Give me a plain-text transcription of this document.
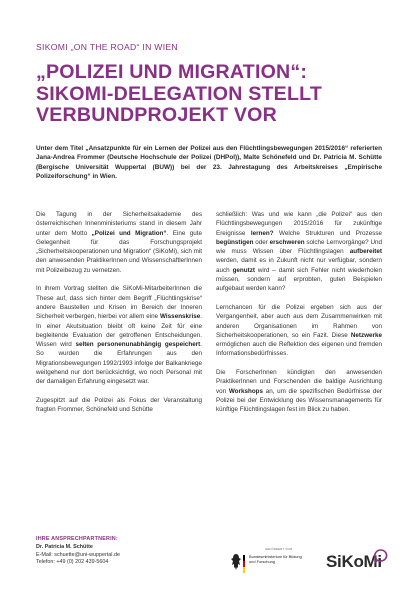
SIKOMI „ON THE ROAD“ IN WIEN
„POLIZEI UND MIGRATION“: SIKOMI-DELEGATION STELLT VERBUNDPROJEKT VOR
Unter dem Titel „Ansatzpunkte für ein Lernen der Polizei aus den Flüchtlingsbewegungen 2015/2016“ referierten Jana-Andrea Frommer (Deutsche Hochschule der Polizei (DHPol)), Malte Schönefeld und Dr. Patricia M. Schütte (Bergische Universität Wuppertal (BUW)) bei der 23. Jahrestagung des Arbeitskreises „Empirische Polizeiforschung“ in Wien.

Die Tagung in der Sicherheitsakademie des österreichischen Innenministeriums stand in diesem Jahr unter dem Motto „Polizei und Migration“. Eine gute Gelegenheit für das Forschungsprojekt „Sicherheitskooperationen und Migration“ (SiKoMi), sich mit den anwesenden PraktikerInnen und WissenschaftlerInnen mit Polizeibezug zu vernetzen.

In ihrem Vortrag stellten die SiKoMi-MitarbeiterInnen die These auf, dass sich hinter dem Begriff „Flüchtlingskrise“ andere Baustellen und Krisen im Bereich der Inneren Sicherheit verbergen, hierbei vor allem eine Wissenskrise. In einer Akutsituation bleibt oft keine Zeit für eine begleitende Evaluation der getroffenen Entscheidungen. Wissen wird selten personenunabhängig gespeichert. So wurden die Erfahrungen aus den Migrationsbewegungen 1992/1993 infolge der Balkankriege weitgehend nur dort berücksichtigt, wo noch Personal mit der damaligen Erfahrung eingesetzt war.

Zugespitzt auf die Polizei als Fokus der Veranstaltung fragten Frommer, Schönefeld und Schütte

schließlich: Was und wie kann „die Polizei“ aus den Flüchtlingsbewegungen 2015/2016 für zukünftige Ereignisse lernen? Welche Strukturen und Prozesse begünstigen oder erschweren solche Lernvorgänge? Und wie muss Wissen über Flüchtlingslagen aufbereitet werden, damit es in Zukunft nicht nur verfügbar, sondern auch genutzt wird – damit sich Fehler nicht wiederholen müssen, sondern auf erprobten, guten Beispielen aufgebaut werden kann?

Lernchancen für die Polizei ergeben sich aus der Vergangenheit, aber auch aus dem Zusammenwirken mit anderen Organisationen im Rahmen von Sicherheitskooperationen, so ein Fazit. Diese Netzwerke ermöglichen auch die Reflektion des eigenen und fremden Informationsbedürfnisses.

Die ForscherInnen kündigten den anwesenden PraktikerInnen und Forschenden die baldige Ausrichtung von Workshops an, um die spezifischen Bedürfnisse der Polizei bei der Entwicklung des Wissensmanagements für künftige Flüchtlingslagen fest im Blick zu haben.

IHRE ANSPRECHPARTNERIN:
Dr. Patricia M. Schütte
E-Mail: schuette@uni-wuppertal.de
Telefon: +49 (0) 202 439-5604
GEFÖRDERT VOM
Bundesministerium für Bildung und Forschung	SiKoMi
